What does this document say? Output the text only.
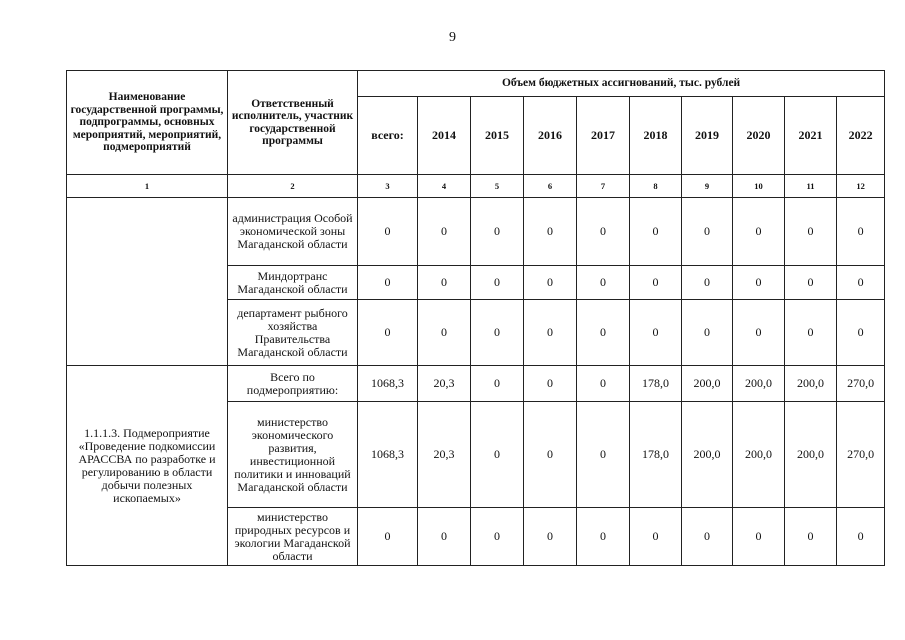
9
Наименование государственной программы, подпрограммы, основных мероприятий, мероприятий, подмероприятий	Ответственный исполнитель, участник государственной программы	Объем бюджетных ассигнований, тыс. рублей									
		всего:	2014	2015	2016	2017	2018	2019	2020	2021	2022
1	2	3	4	5	6	7	8	9	10	11	12
	администрация Особой экономической зоны Магаданской области	0	0	0	0	0	0	0	0	0	0
	Миндортранс Магаданской области	0	0	0	0	0	0	0	0	0	0
	департамент рыбного хозяйства Правительства Магаданской области	0	0	0	0	0	0	0	0	0	0
1.1.1.3. Подмероприятие «Проведение подкомиссии АРАССВА по разработке и регулированию в области добычи полезных ископаемых»	Всего по подмероприятию:	1068,3	20,3	0	0	0	178,0	200,0	200,0	200,0	270,0
	министерство экономического развития, инвестиционной политики и инноваций Магаданской области	1068,3	20,3	0	0	0	178,0	200,0	200,0	200,0	270,0
	министерство природных ресурсов и экологии Магаданской области	0	0	0	0	0	0	0	0	0	0
